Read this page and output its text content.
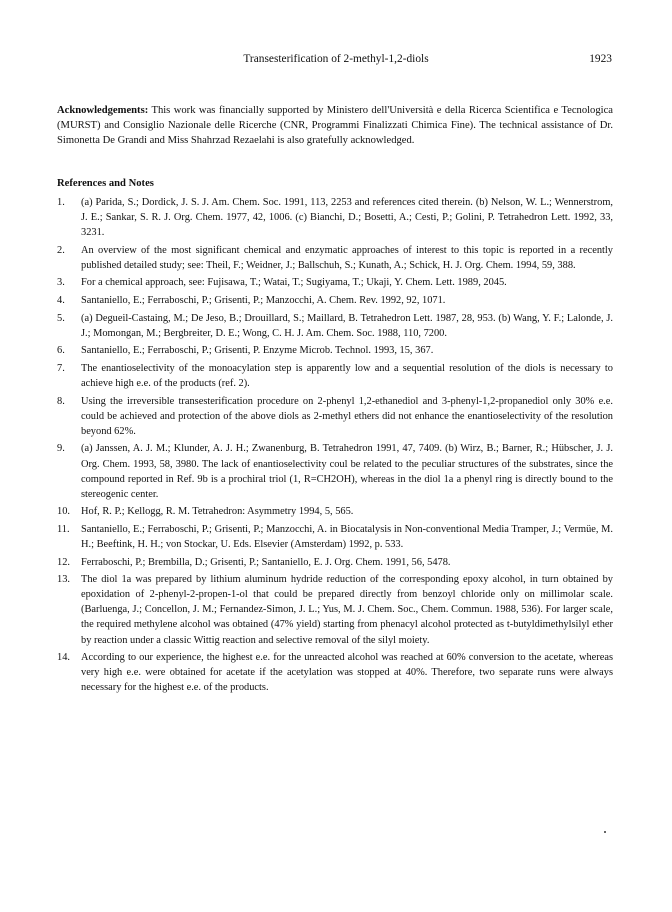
Transesterification of 2-methyl-1,2-diols	1923
Acknowledgements: This work was financially supported by Ministero dell'Università e della Ricerca Scientifica e Tecnologica (MURST) and Consiglio Nazionale delle Ricerche (CNR, Programmi Finalizzati Chimica Fine). The technical assistance of Dr. Simonetta De Grandi and Miss Shahrzad Rezaelahi is also gratefully acknowledged.
References and Notes
1.	(a) Parida, S.; Dordick, J. S. J. Am. Chem. Soc. 1991, 113, 2253 and references cited therein. (b) Nelson, W. L.; Wennerstrom, J. E.; Sankar, S. R. J. Org. Chem. 1977, 42, 1006. (c) Bianchi, D.; Bosetti, A.; Cesti, P.; Golini, P. Tetrahedron Lett. 1992, 33, 3231.
2.	An overview of the most significant chemical and enzymatic approaches of interest to this topic is reported in a recently published detailed study; see: Theil, F.; Weidner, J.; Ballschuh, S.; Kunath, A.; Schick, H. J. Org. Chem. 1994, 59, 388.
3.	For a chemical approach, see: Fujisawa, T.; Watai, T.; Sugiyama, T.; Ukaji, Y. Chem. Lett. 1989, 2045.
4.	Santaniello, E.; Ferraboschi, P.; Grisenti, P.; Manzocchi, A. Chem. Rev. 1992, 92, 1071.
5.	(a) Degueil-Castaing, M.; De Jeso, B.; Drouillard, S.; Maillard, B. Tetrahedron Lett. 1987, 28, 953. (b) Wang, Y. F.; Lalonde, J. J.; Momongan, M.; Bergbreiter, D. E.; Wong, C. H. J. Am. Chem. Soc. 1988, 110, 7200.
6.	Santaniello, E.; Ferraboschi, P.; Grisenti, P. Enzyme Microb. Technol. 1993, 15, 367.
7.	The enantioselectivity of the monoacylation step is apparently low and a sequential resolution of the diols is necessary to achieve high e.e. of the products (ref. 2).
8.	Using the irreversible transesterification procedure on 2-phenyl 1,2-ethanediol and 3-phenyl-1,2-propanediol only 30% e.e. could be achieved and protection of the above diols as 2-methyl ethers did not enhance the enantioselectivity of the resolution beyond 62%.
9.	(a) Janssen, A. J. M.; Klunder, A. J. H.; Zwanenburg, B. Tetrahedron 1991, 47, 7409. (b) Wirz, B.; Barner, R.; Hübscher, J. J. Org. Chem. 1993, 58, 3980. The lack of enantioselectivity coul be related to the peculiar structures of the substrates, since the compound reported in Ref. 9b is a prochiral triol (1, R=CH2OH), whereas in the diol 1a a phenyl ring is directly bound to the stereogenic center.
10.	Hof, R. P.; Kellogg, R. M. Tetrahedron: Asymmetry 1994, 5, 565.
11.	Santaniello, E.; Ferraboschi, P.; Grisenti, P.; Manzocchi, A. in Biocatalysis in Non-conventional Media Tramper, J.; Vermüe, M. H.; Beeftink, H. H.; von Stockar, U. Eds. Elsevier (Amsterdam) 1992, p. 533.
12.	Ferraboschi, P.; Brembilla, D.; Grisenti, P.; Santaniello, E. J. Org. Chem. 1991, 56, 5478.
13.	The diol 1a was prepared by lithium aluminum hydride reduction of the corresponding epoxy alcohol, in turn obtained by epoxidation of 2-phenyl-2-propen-1-ol that could be prepared directly from benzoyl chloride only on millimolar scale. (Barluenga, J.; Concellon, J. M.; Fernandez-Simon, J. L.; Yus, M. J. Chem. Soc., Chem. Commun. 1988, 536). For larger scale, the required methylene alcohol was obtained (47% yield) starting from phenacyl alcohol protected as t-butyldimethylsilyl ether by reaction under a classic Wittig reaction and selective removal of the silyl moiety.
14.	According to our experience, the highest e.e. for the unreacted alcohol was reached at 60% conversion to the acetate, whereas very high e.e. were obtained for acetate if the acetylation was stopped at 40%. Therefore, two separate runs were always necessary for the highest e.e. of the products.
